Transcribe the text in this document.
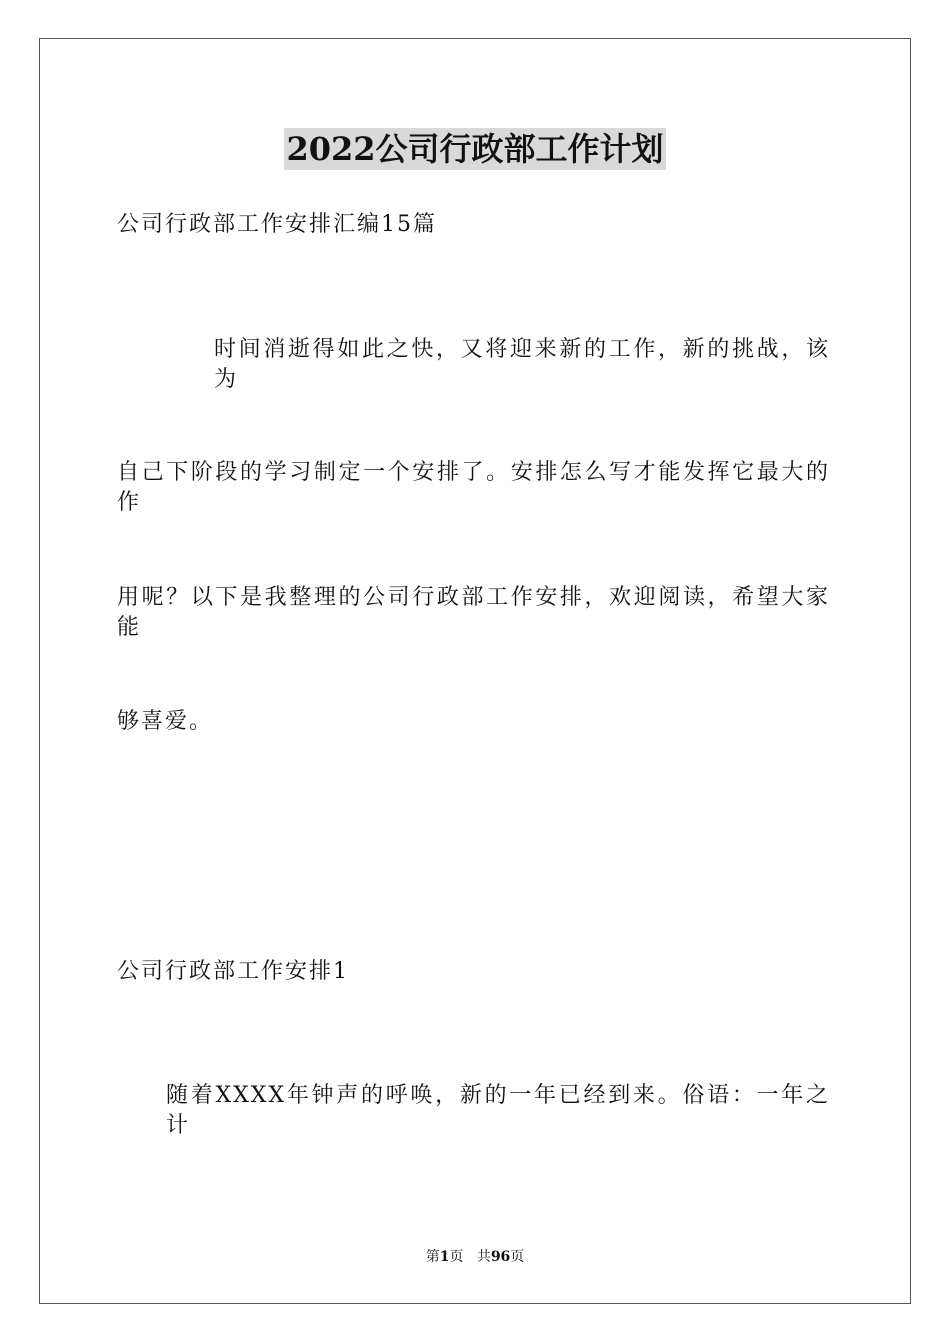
2022公司行政部工作计划
公司行政部工作安排汇编15篇
时间消逝得如此之快，又将迎来新的工作，新的挑战，该为
自己下阶段的学习制定一个安排了。安排怎么写才能发挥它最大的作
用呢？以下是我整理的公司行政部工作安排，欢迎阅读，希望大家能
够喜爱。
公司行政部工作安排1
随着XXXX年钟声的呼唤，新的一年已经到来。俗语：一年之计
第1页 共96页
